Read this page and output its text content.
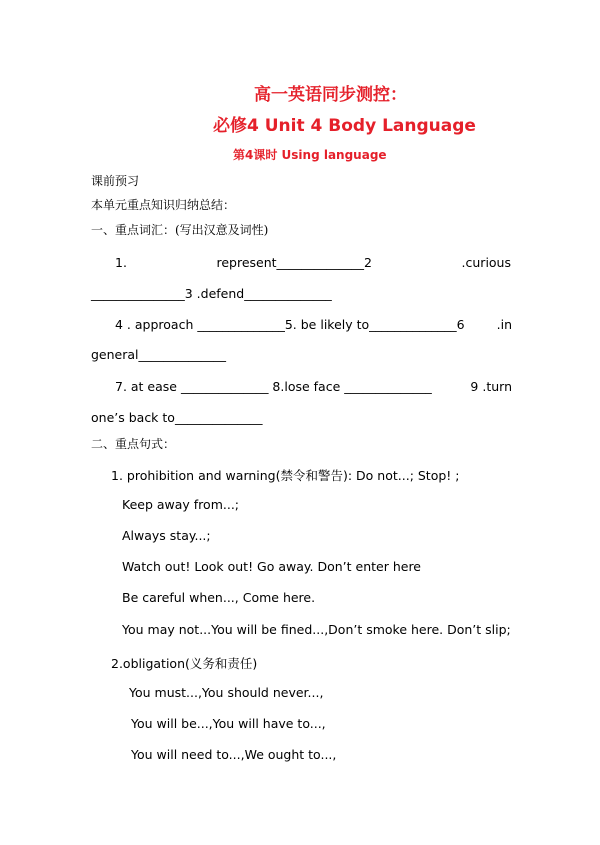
高一英语同步测控：
必修4 Unit 4 Body Language
第4课时 Using language
课前预习
本单元重点知识归纳总结：
一、重点词汇：(写出汉意及词性)
1.	represent______________2	.curious
_______________3 .defend______________
4 . approach ______________5. be likely to______________6	.in
general______________
7. at ease ______________ 8.lose face ______________	9 .turn
one’s back to______________
二、重点句式：
1. prohibition and warning(禁令和警告): Do not...; Stop! ;
Keep away from...;
Always stay...;
Watch out! Look out! Go away. Don’t enter here
Be careful when..., Come here.
You may not...You will be fined...,Don’t smoke here. Don’t slip;
2.obligation(义务和责任)
You must...,You should never...,
You will be...,You will have to...,
You will need to...,We ought to...,
